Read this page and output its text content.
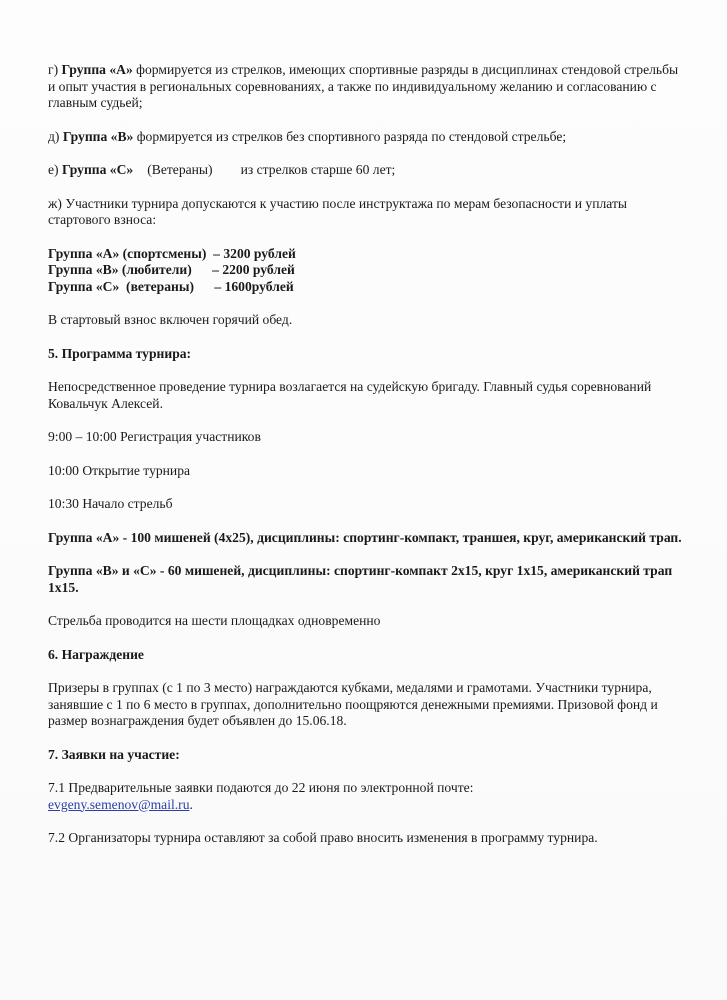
г) Группа «А» формируется из стрелков, имеющих спортивные разряды в дисциплинах стендовой стрельбы и опыт участия в региональных соревнованиях, а также по индивидуальному желанию и согласованию с главным судьей;

д) Группа «В» формируется из стрелков без спортивного разряда по стендовой стрельбе;

е) Группа «С» (Ветераны) из стрелков старше 60 лет;

ж) Участники турнира допускаются к участию после инструктажа по мерам безопасности и уплаты стартового взноса:

Группа «А» (спортсмены)  – 3200 рублей

Группа «В» (любители)      – 2200 рублей

Группа «С»  (ветераны)      – 1600рублей

В стартовый взнос включен горячий обед.

5. Программа турнира:

Непосредственное проведение турнира возлагается на судейскую бригаду. Главный судья соревнований Ковальчук Алексей.

9:00 – 10:00 Регистрация участников

10:00 Открытие турнира

10:30 Начало стрельб

Группа «А» - 100 мишеней (4х25), дисциплины: спортинг-компакт, траншея, круг, американский трап.

Группа «В» и «С» - 60 мишеней, дисциплины: спортинг-компакт 2х15, круг 1х15, американский трап 1х15.

Стрельба проводится на шести площадках одновременно

6. Награждение

Призеры в группах (с 1 по 3 место) награждаются кубками, медалями и грамотами. Участники турнира, занявшие с 1 по 6 место в группах, дополнительно поощряются денежными премиями. Призовой фонд и размер вознаграждения будет объявлен до 15.06.18.

7. Заявки на участие:

7.1 Предварительные заявки подаются до 22 июня по электронной почте:
evgeny.semenov@mail.ru.

7.2 Организаторы турнира оставляют за собой право вносить изменения в программу турнира.
